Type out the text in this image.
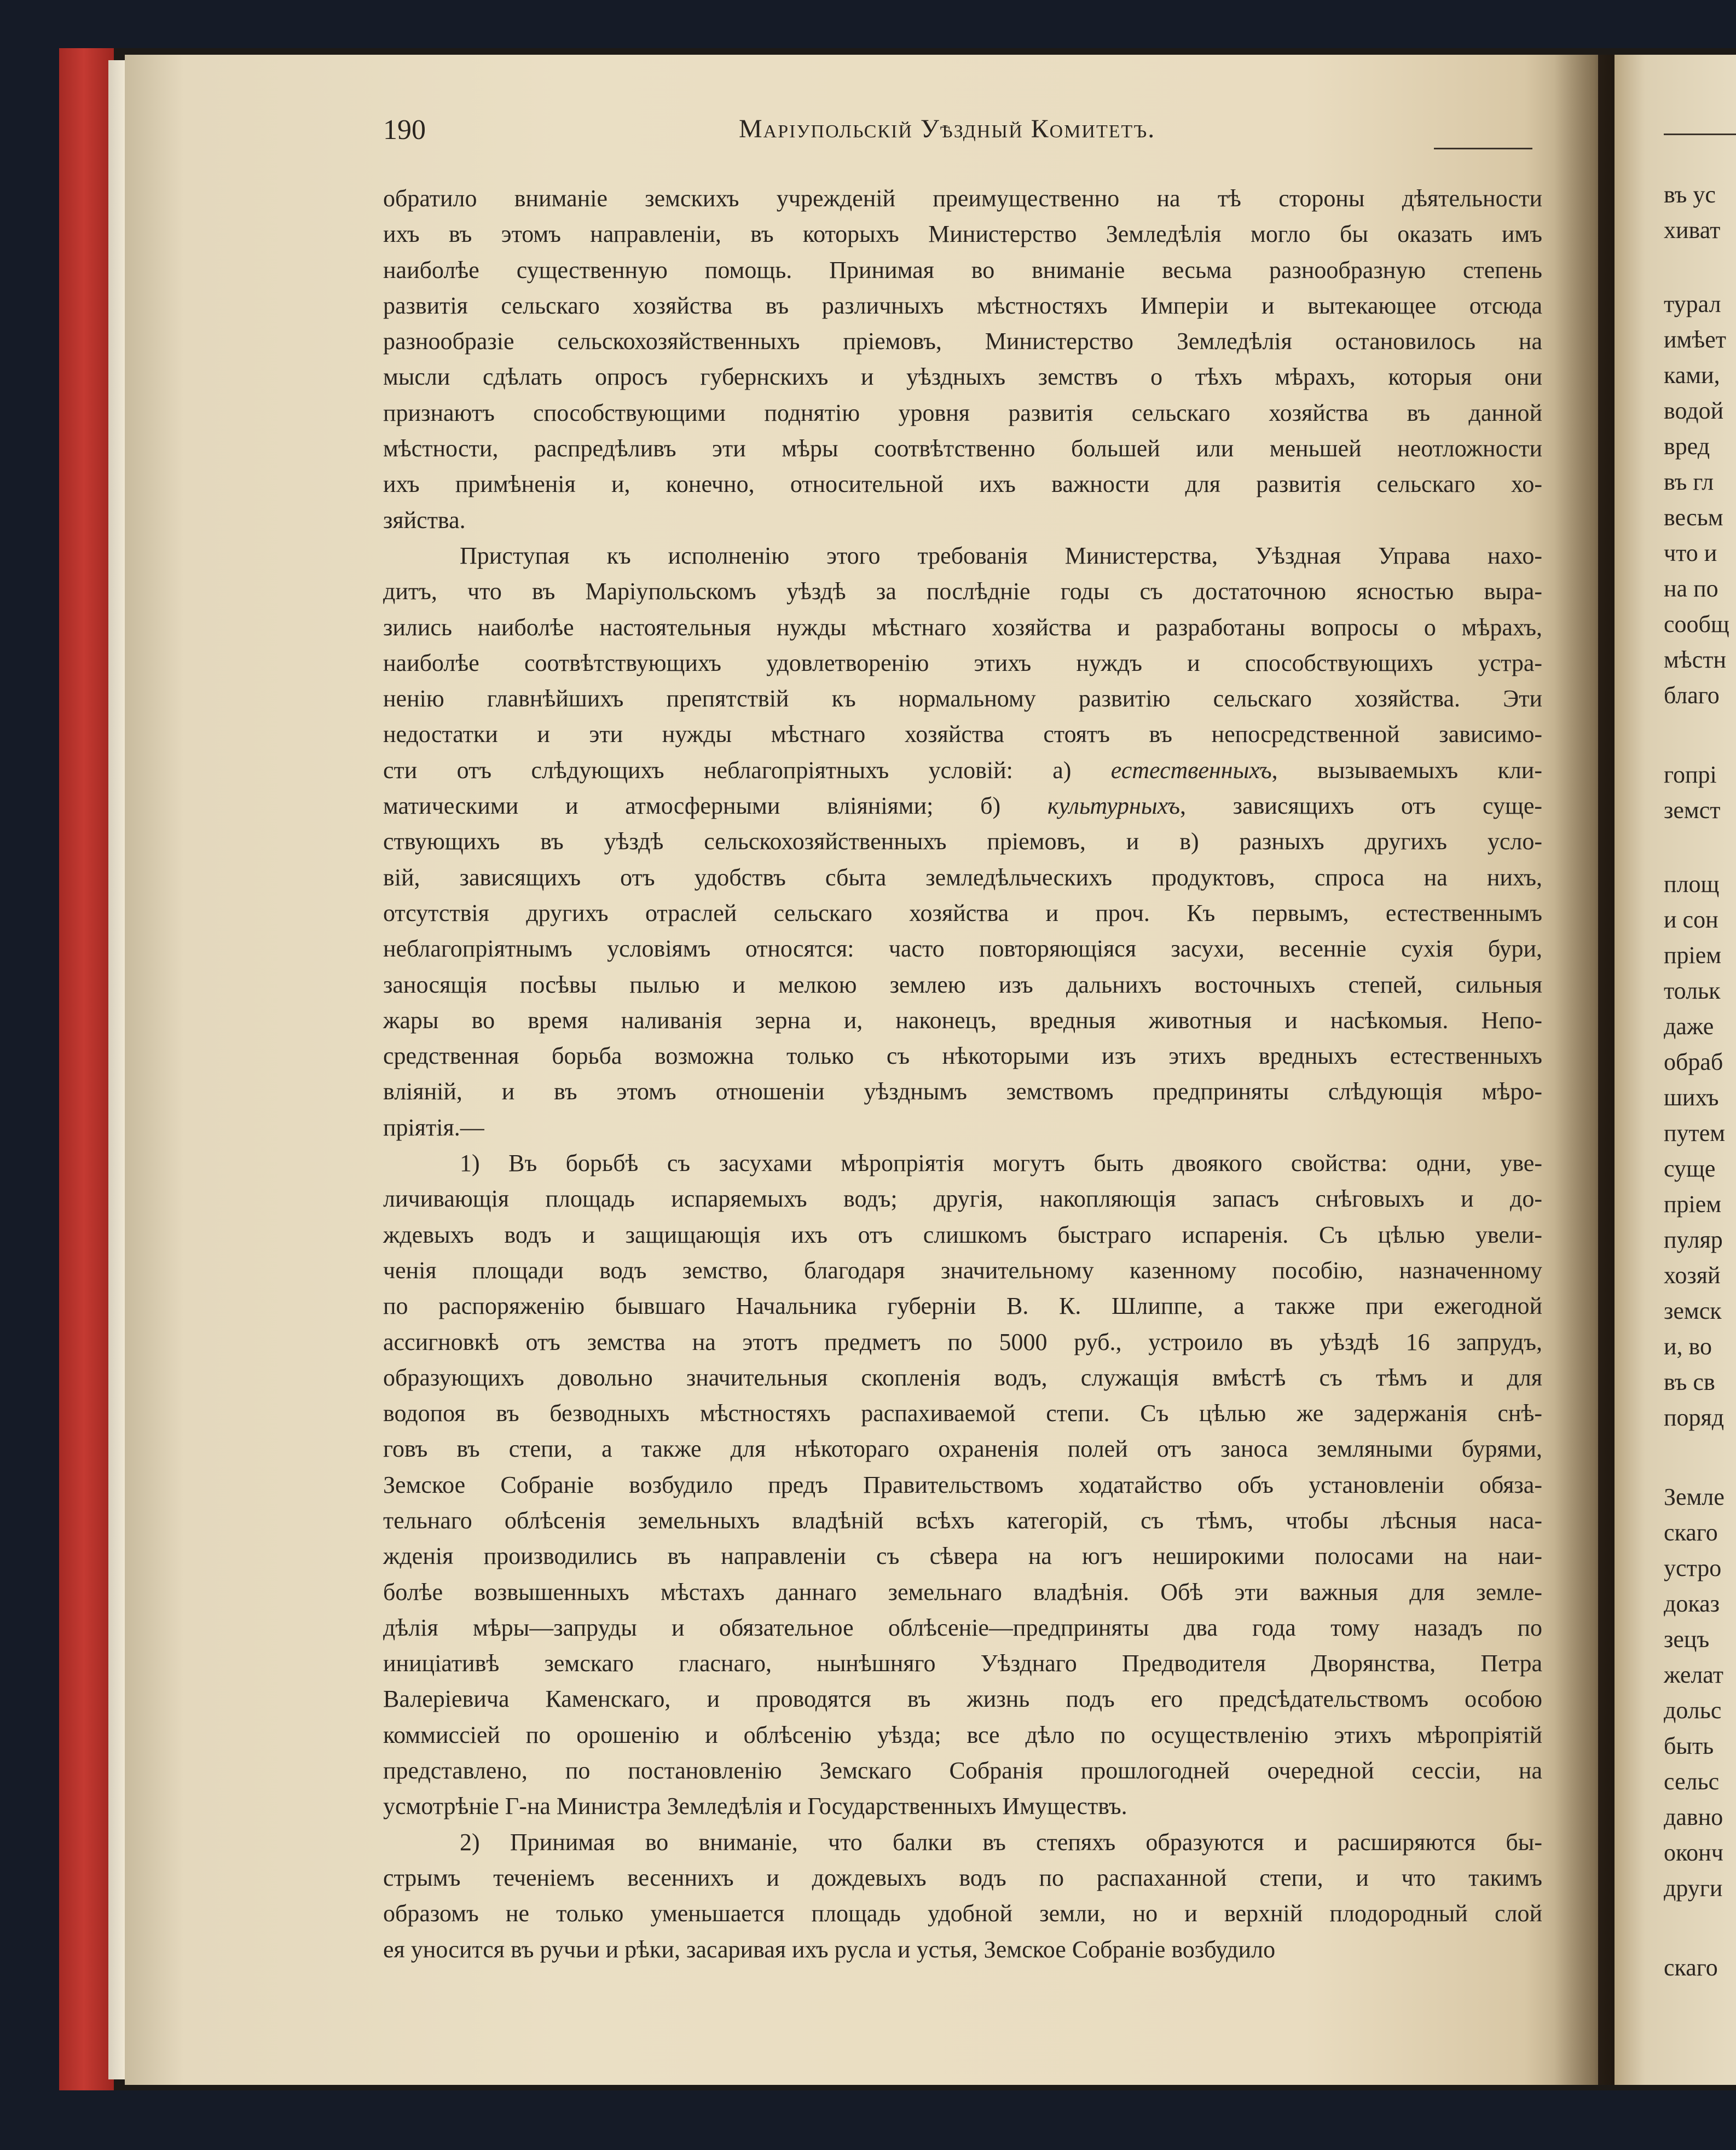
190	Маріупольскій Уѣздный Комитетъ.

обратило вниманіе земскихъ учрежденій преимущественно на тѣ стороны дѣятельности
ихъ въ этомъ направленіи, въ которыхъ Министерство Земледѣлія могло бы оказать имъ
наиболѣе существенную помощь. Принимая во вниманіе весьма разнообразную степень
развитія сельскаго хозяйства въ различныхъ мѣстностяхъ Имперіи и вытекающее отсюда
разнообразіе сельскохозяйственныхъ пріемовъ, Министерство Земледѣлія остановилось на
мысли сдѣлать опросъ губернскихъ и уѣздныхъ земствъ о тѣхъ мѣрахъ, которыя они
признаютъ способствующими поднятію уровня развитія сельскаго хозяйства въ данной
мѣстности, распредѣливъ эти мѣры соотвѣтственно большей или меньшей неотложности
ихъ примѣненія и, конечно, относительной ихъ важности для развитія сельскаго хо-
зяйства.

Приступая къ исполненію этого требованія Министерства, Уѣздная Управа нахо-
дитъ, что въ Маріупольскомъ уѣздѣ за послѣдніе годы съ достаточною ясностью выра-
зились наиболѣе настоятельныя нужды мѣстнаго хозяйства и разработаны вопросы о мѣрахъ,
наиболѣе соотвѣтствующихъ удовлетворенію этихъ нуждъ и способствующихъ устра-
ненію главнѣйшихъ препятствій къ нормальному развитію сельскаго хозяйства. Эти
недостатки и эти нужды мѣстнаго хозяйства стоятъ въ непосредственной зависимо-
сти отъ слѣдующихъ неблагопріятныхъ условій: а) естественныхъ, вызываемыхъ кли-
матическими и атмосферными вліяніями; б) культурныхъ, зависящихъ отъ суще-
ствующихъ въ уѣздѣ сельскохозяйственныхъ пріемовъ, и в) разныхъ другихъ усло-
вій, зависящихъ отъ удобствъ сбыта земледѣльческихъ продуктовъ, спроса на нихъ,
отсутствія другихъ отраслей сельскаго хозяйства и проч. Къ первымъ, естественнымъ
неблагопріятнымъ условіямъ относятся: часто повторяющіяся засухи, весенніе сухія бури,
заносящія посѣвы пылью и мелкою землею изъ дальнихъ восточныхъ степей, сильныя
жары во время наливанія зерна и, наконецъ, вредныя животныя и насѣкомыя. Непо-
средственная борьба возможна только съ нѣкоторыми изъ этихъ вредныхъ естественныхъ
вліяній, и въ этомъ отношеніи уѣзднымъ земствомъ предприняты слѣдующія мѣро-
пріятія.—

1) Въ борьбѣ съ засухами мѣропріятія могутъ быть двоякого свойства: одни, уве-
личивающія площадь испаряемыхъ водъ; другія, накопляющія запасъ снѣговыхъ и до-
ждевыхъ водъ и защищающія ихъ отъ слишкомъ быстраго испаренія. Съ цѣлью увели-
ченія площади водъ земство, благодаря значительному казенному пособію, назначенному
по распоряженію бывшаго Начальника губерніи В. К. Шлиппе, а также при ежегодной
ассигновкѣ отъ земства на этотъ предметъ по 5000 руб., устроило въ уѣздѣ 16 запрудъ,
образующихъ довольно значительныя скопленія водъ, служащія вмѣстѣ съ тѣмъ и для
водопоя въ безводныхъ мѣстностяхъ распахиваемой степи. Съ цѣлью же задержанія снѣ-
говъ въ степи, а также для нѣкотораго охраненія полей отъ заноса земляными бурями,
Земское Собраніе возбудило предъ Правительствомъ ходатайство объ установленіи обяза-
тельнаго облѣсенія земельныхъ владѣній всѣхъ категорій, съ тѣмъ, чтобы лѣсныя наса-
жденія производились въ направленіи съ сѣвера на югъ неширокими полосами на наи-
болѣе возвышенныхъ мѣстахъ даннаго земельнаго владѣнія. Обѣ эти важныя для земле-
дѣлія мѣры—запруды и обязательное облѣсеніе—предприняты два года тому назадъ по
иниціативѣ земскаго гласнаго, нынѣшняго Уѣзднаго Предводителя Дворянства, Петра
Валеріевича Каменскаго, и проводятся въ жизнь подъ его предсѣдательствомъ особою
коммиссіей по орошенію и облѣсенію уѣзда; все дѣло по осуществленію этихъ мѣропріятій
представлено, по постановленію Земскаго Собранія прошлогодней очередной сессіи, на
усмотрѣніе Г-на Министра Земледѣлія и Государственныхъ Имуществъ.

2) Принимая во вниманіе, что балки въ степяхъ образуются и расширяются бы-
стрымъ теченіемъ весеннихъ и дождевыхъ водъ по распаханной степи, и что такимъ
образомъ не только уменьшается площадь удобной земли, но и верхній плодородный слой
ея уносится въ ручьи и рѣки, засаривая ихъ русла и устья, Земское Собраніе возбудило

въ ус
хиват
турал
имѣет
ками,
водой
вред
въ гл
весьм
что и
на по
сообщ
мѣстн
благо
гопрі
земст
площ
и сон
пріем
тольк
даже
обраб
шихъ
путем
суще
пріем
пуляр
хозяй
земск
и, во
въ св
поряд
Земле
скаго
устро
доказ
зецъ
желат
дольс
быть
сельс
давно
оконч
други
скаго
